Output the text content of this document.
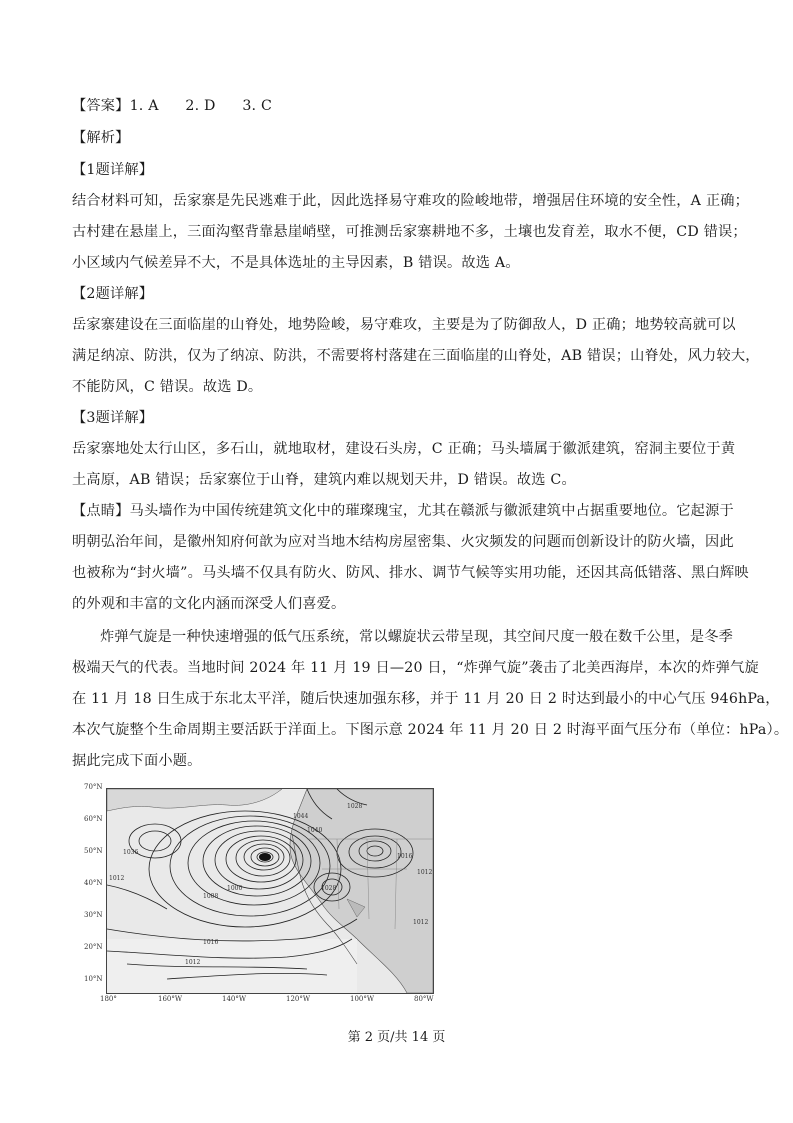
【答案】1. A 2. D 3. C
【解析】
【1题详解】
结合材料可知，岳家寨是先民逃难于此，因此选择易守难攻的险峻地带，增强居住环境的安全性，A 正确；
古村建在悬崖上，三面沟壑背靠悬崖峭壁，可推测岳家寨耕地不多，土壤也发育差，取水不便，CD 错误；
小区域内气候差异不大，不是具体选址的主导因素，B 错误。故选 A。
【2题详解】
岳家寨建设在三面临崖的山脊处，地势险峻，易守难攻，主要是为了防御敌人，D 正确；地势较高就可以
满足纳凉、防洪，仅为了纳凉、防洪，不需要将村落建在三面临崖的山脊处，AB 错误；山脊处，风力较大，
不能防风，C 错误。故选 D。
【3题详解】
岳家寨地处太行山区，多石山，就地取材，建设石头房，C 正确；马头墙属于徽派建筑，窑洞主要位于黄
土高原，AB 错误；岳家寨位于山脊，建筑内难以规划天井，D 错误。故选 C。
【点睛】马头墙作为中国传统建筑文化中的璀璨瑰宝，尤其在赣派与徽派建筑中占据重要地位。它起源于
明朝弘治年间，是徽州知府何歆为应对当地木结构房屋密集、火灾频发的问题而创新设计的防火墙，因此
也被称为“封火墙”。马头墙不仅具有防火、防风、排水、调节气候等实用功能，还因其高低错落、黑白辉映
的外观和丰富的文化内涵而深受人们喜爱。
炸弹气旋是一种快速增强的低气压系统，常以螺旋状云带呈现，其空间尺度一般在数千公里，是冬季
极端天气的代表。当地时间 2024 年 11 月 19 日—20 日，“炸弹气旋”袭击了北美西海岸，本次的炸弹气旋
在 11 月 18 日生成于东北太平洋，随后快速加强东移，并于 11 月 20 日 2 时达到最小的中心气压 946hPa，
本次气旋整个生命周期主要活跃于洋面上。下图示意 2024 年 11 月 20 日 2 时海平面气压分布（单位：hPa）。
据此完成下面小题。
70°N
60°N
50°N
40°N
30°N
20°N
10°N
1036
1012
1000
1008
1016
1012
1028
1040
1044
1016
1012
1012
1028
180°	160°W	140°W	120°W	100°W	80°W
第 2 页/共 14 页
